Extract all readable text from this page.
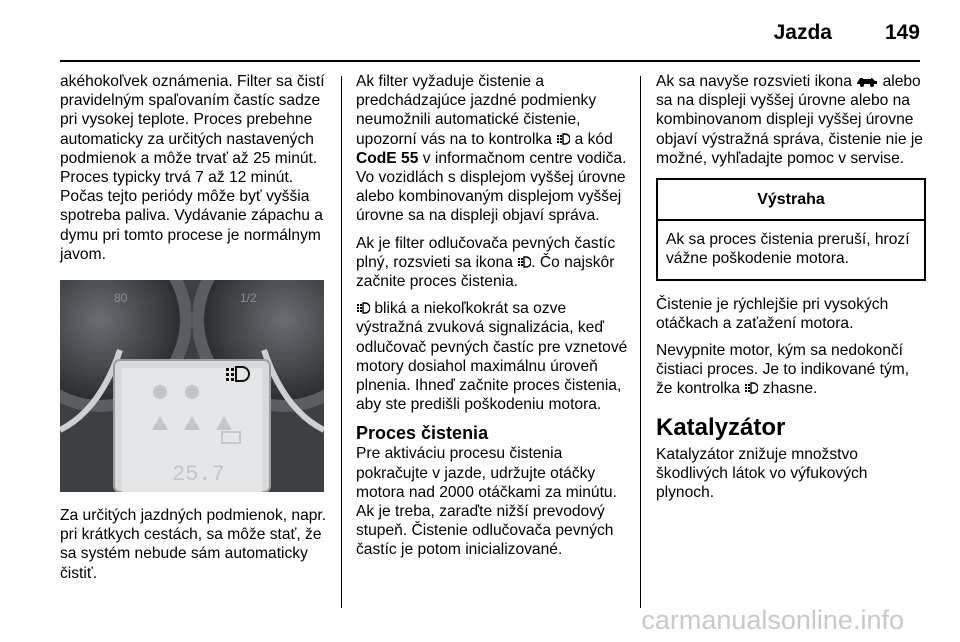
Jazda	149

akéhokoľvek oznámenia. Filter sa čistí pravidelným spaľovaním častíc sadze pri vysokej teplote. Proces prebehne automaticky za určitých nastavených podmienok a môže trvať až 25 minút. Proces typicky trvá 7 až 12 minút. Počas tejto periódy môže byť vyššia spotreba paliva. Vydávanie zápachu a dymu pri tomto procese je normálnym javom.

1/2
80
25.7

Za určitých jazdných podmienok, napr. pri krátkych cestách, sa môže stať, že sa systém nebude sám automaticky čistiť.

Ak filter vyžaduje čistenie a predchádzajúce jazdné podmienky neumožnili automatické čistenie, upozorní vás na to kontrolka a kód CodE 55 v informačnom centre vodiča. Vo vozidlách s displejom vyššej úrovne alebo kombinovaným displejom vyššej úrovne sa na displeji objaví správa.

Ak je filter odlučovača pevných častíc plný, rozsvieti sa ikona . Čo najskôr začnite proces čistenia.

bliká a niekoľkokrát sa ozve výstražná zvuková signalizácia, keď odlučovač pevných častíc pre vznetové motory dosiahol maximálnu úroveň plnenia. Ihneď začnite proces čistenia, aby ste predišli poškodeniu motora.

Proces čistenia

Pre aktiváciu procesu čistenia pokračujte v jazde, udržujte otáčky motora nad 2000 otáčkami za minútu. Ak je treba, zaraďte nižší prevodový stupeň. Čistenie odlučovača pevných častíc je potom inicializované.

Ak sa navyše rozsvieti ikona alebo sa na displeji vyššej úrovne alebo na kombinovanom displeji vyššej úrovne objaví výstražná správa, čistenie nie je možné, vyhľadajte pomoc v servise.

Výstraha
Ak sa proces čistenia preruší, hrozí vážne poškodenie motora.

Čistenie je rýchlejšie pri vysokých otáčkach a zaťažení motora.

Nevypnite motor, kým sa nedokončí čistiaci proces. Je to indikované tým, že kontrolka zhasne.

Katalyzátor

Katalyzátor znižuje množstvo škodlivých látok vo výfukových plynoch.

carmanualsonline.info
